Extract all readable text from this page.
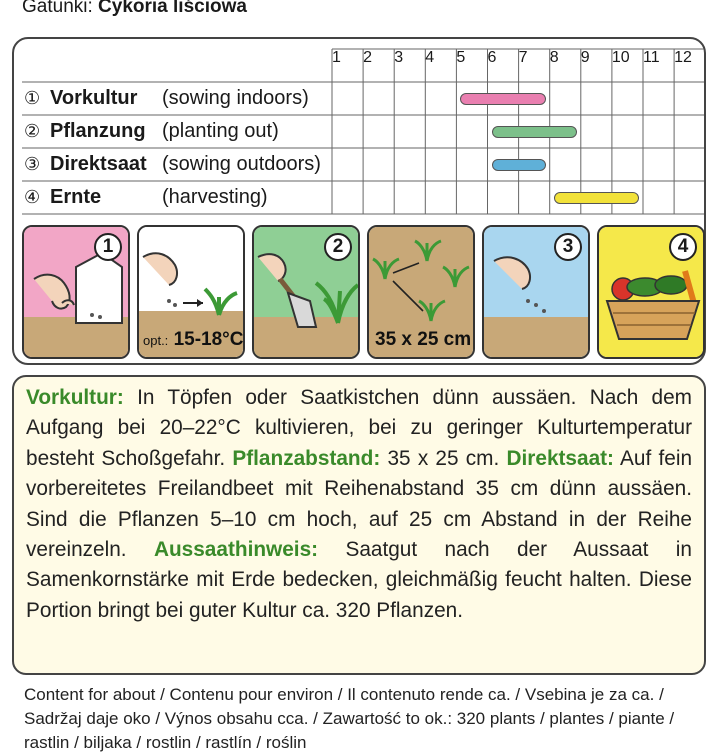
Gatunki: Cykoria liściowa
1	2	3	4	5	6	7	8	9	10 11 12
① Vorkultur	(sowing indoors)
② Pflanzung (planting out)
③ Direktsaat (sowing outdoors)
④ Ernte	(harvesting)
1
opt.: 15-18°C
2
35 x 25 cm
3	4

Vorkultur: In Töpfen oder Saatkistchen dünn aussäen. Nach dem Aufgang bei 20–22°C kultivieren, bei zu geringer Kulturtemperatur besteht Schoßgefahr. Pflanzabstand: 35 x 25 cm. Direktsaat: Auf fein vorbereitetes Freilandbeet mit Reihenabstand 35 cm dünn aussäen. Sind die Pflanzen 5–10 cm hoch, auf 25 cm Abstand in der Reihe vereinzeln. Aussaathinweis: Saatgut nach der Aussaat in Samenkornstärke mit Erde bedecken, gleichmäßig feucht halten. Diese Portion bringt bei guter Kultur ca. 320 Pflanzen.

Content for about / Contenu pour environ / Il contenuto rende ca. / Vsebina je za ca. / Sadržaj daje oko / Výnos obsahu cca. / Zawartość to ok.: 320 plants / plantes / piante / rastlin / biljaka / rostlin / rastlín / roślin
